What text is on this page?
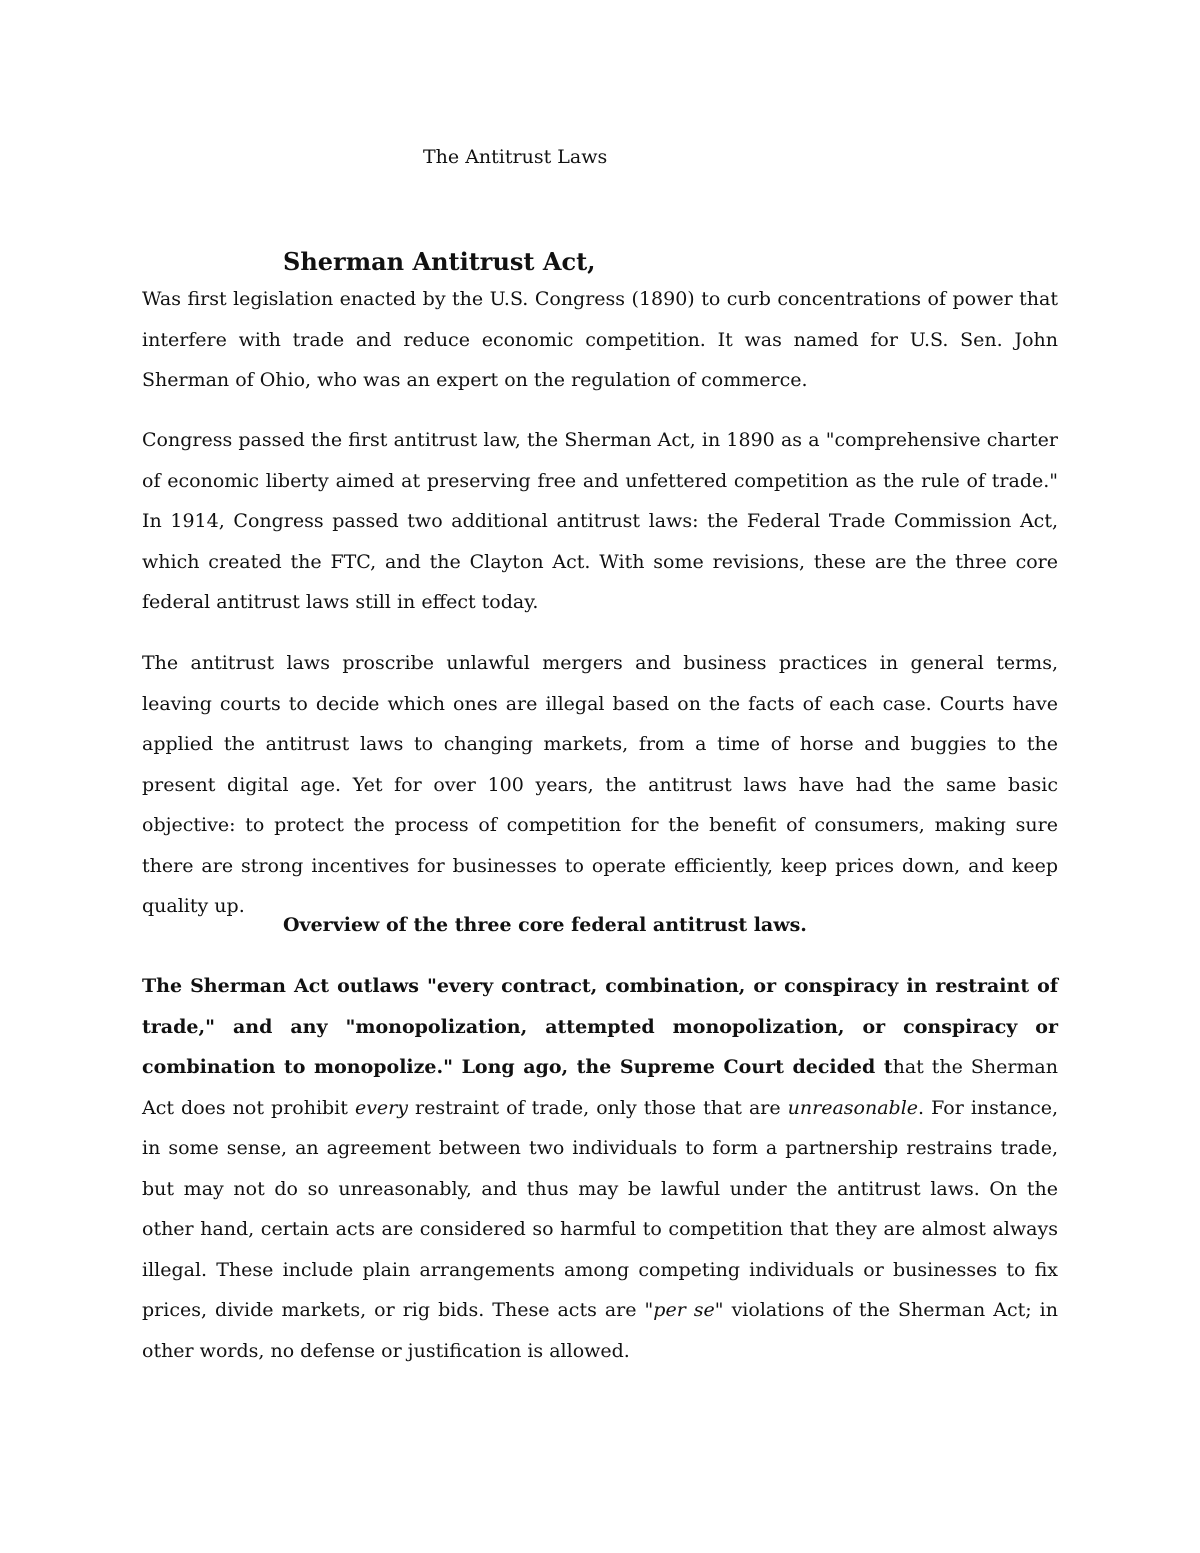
The Antitrust Laws
Sherman Antitrust Act,

Was first legislation enacted by the U.S. Congress (1890) to curb concentrations of power that interfere with trade and reduce economic competition. It was named for U.S. Sen. John Sherman of Ohio, who was an expert on the regulation of commerce.

Congress passed the first antitrust law, the Sherman Act, in 1890 as a "comprehensive charter of economic liberty aimed at preserving free and unfettered competition as the rule of trade." In 1914, Congress passed two additional antitrust laws: the Federal Trade Commission Act, which created the FTC, and the Clayton Act. With some revisions, these are the three core federal antitrust laws still in effect today.

The antitrust laws proscribe unlawful mergers and business practices in general terms, leaving courts to decide which ones are illegal based on the facts of each case. Courts have applied the antitrust laws to changing markets, from a time of horse and buggies to the present digital age. Yet for over 100 years, the antitrust laws have had the same basic objective: to protect the process of competition for the benefit of consumers, making sure there are strong incentives for businesses to operate efficiently, keep prices down, and keep quality up.

Overview of the three core federal antitrust laws.

The Sherman Act outlaws "every contract, combination, or conspiracy in restraint of trade," and any "monopolization, attempted monopolization, or conspiracy or combination to monopolize." Long ago, the Supreme Court decided that the Sherman Act does not prohibit every restraint of trade, only those that are unreasonable. For instance, in some sense, an agreement between two individuals to form a partnership restrains trade, but may not do so unreasonably, and thus may be lawful under the antitrust laws. On the other hand, certain acts are considered so harmful to competition that they are almost always illegal. These include plain arrangements among competing individuals or businesses to fix prices, divide markets, or rig bids. These acts are "per se" violations of the Sherman Act; in other words, no defense or justification is allowed.
